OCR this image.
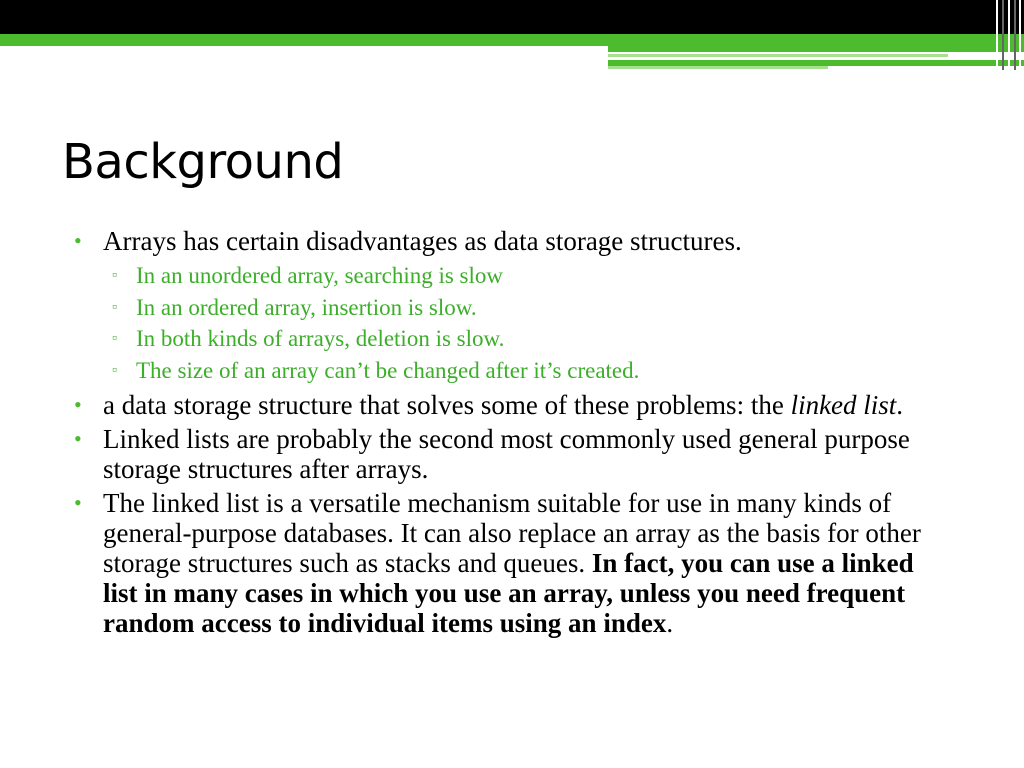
Background

• Arrays has certain disadvantages as data storage structures.

▫ In an unordered array, searching is slow

▫ In an ordered array, insertion is slow.

▫ In both kinds of arrays, deletion is slow.

▫ The size of an array can’t be changed after it’s created.

• a data storage structure that solves some of these problems: the linked list.

• Linked lists are probably the second most commonly used general purpose storage structures after arrays.

• The linked list is a versatile mechanism suitable for use in many kinds of general-purpose databases. It can also replace an array as the basis for other storage structures such as stacks and queues. In fact, you can use a linked list in many cases in which you use an array, unless you need frequent random access to individual items using an index.
